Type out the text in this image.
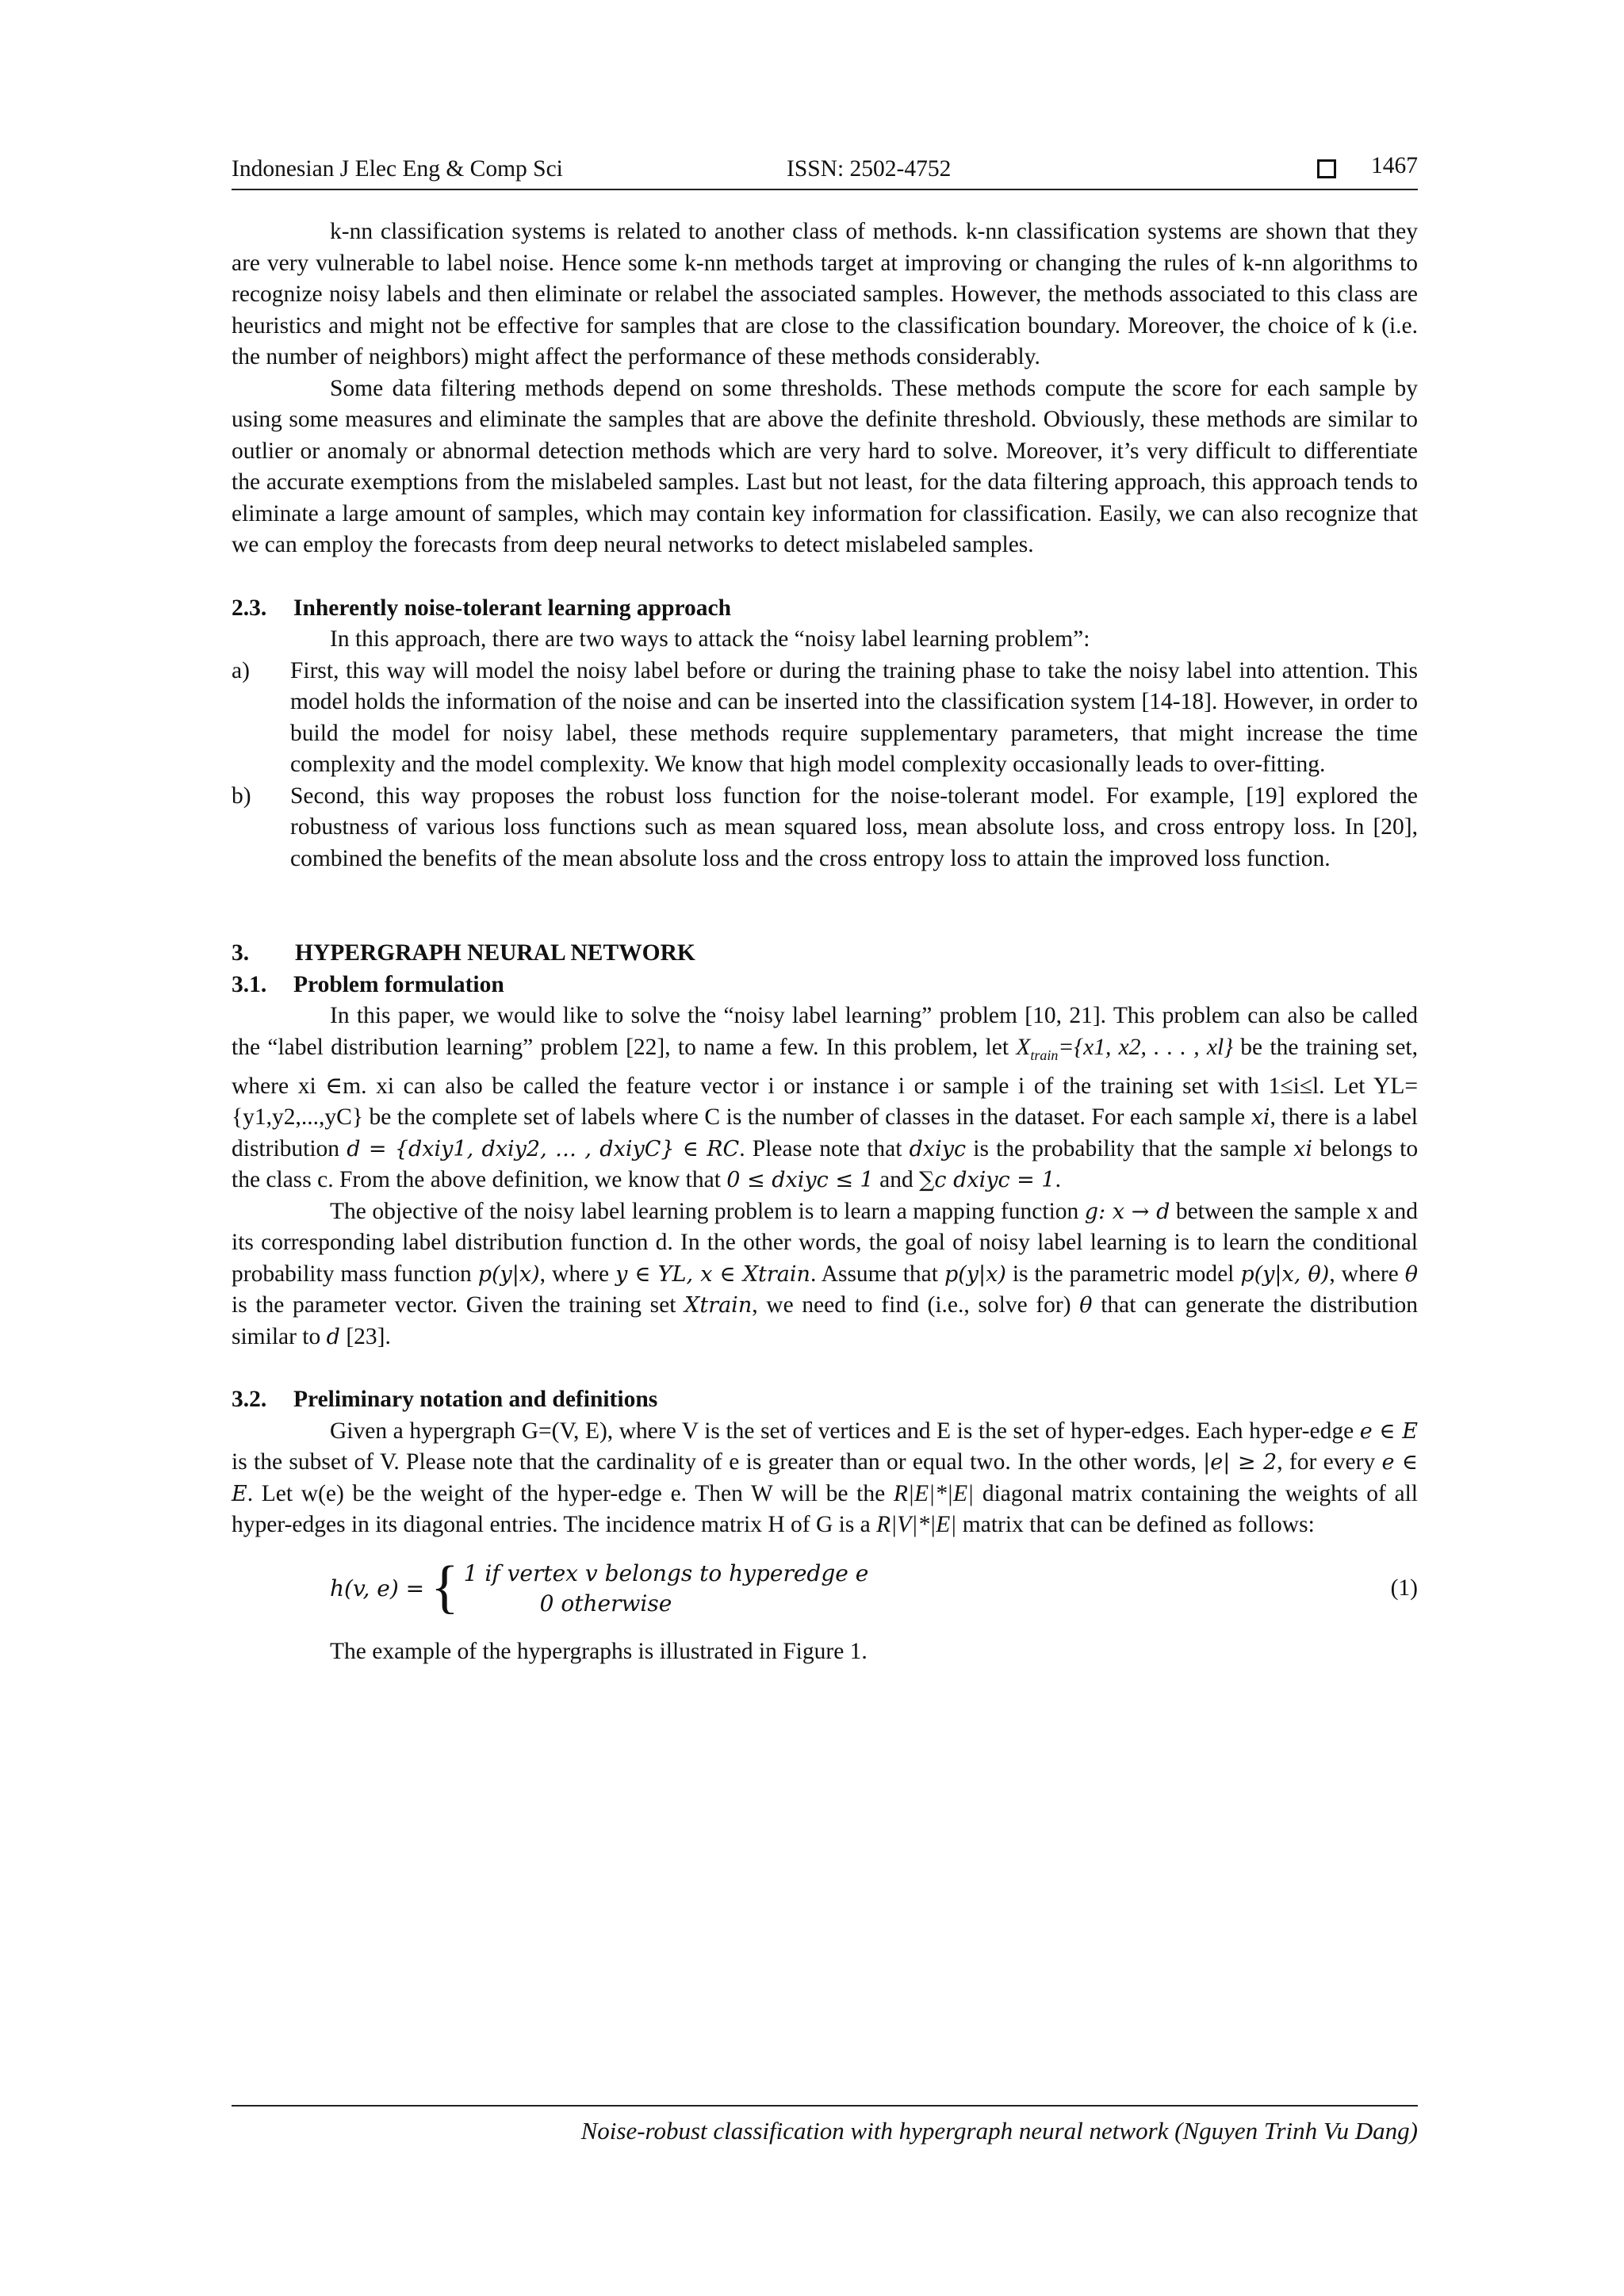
Indonesian J Elec Eng & Comp Sci	ISSN: 2502-4752	1467

k-nn classification systems is related to another class of methods. k-nn classification systems are shown that they are very vulnerable to label noise. Hence some k-nn methods target at improving or changing the rules of k-nn algorithms to recognize noisy labels and then eliminate or relabel the associated samples. However, the methods associated to this class are heuristics and might not be effective for samples that are close to the classification boundary. Moreover, the choice of k (i.e. the number of neighbors) might affect the performance of these methods considerably.

Some data filtering methods depend on some thresholds. These methods compute the score for each sample by using some measures and eliminate the samples that are above the definite threshold. Obviously, these methods are similar to outlier or anomaly or abnormal detection methods which are very hard to solve. Moreover, it’s very difficult to differentiate the accurate exemptions from the mislabeled samples. Last but not least, for the data filtering approach, this approach tends to eliminate a large amount of samples, which may contain key information for classification. Easily, we can also recognize that we can employ the forecasts from deep neural networks to detect mislabeled samples.

2.3. Inherently noise-tolerant learning approach

In this approach, there are two ways to attack the “noisy label learning problem”:

a)	First, this way will model the noisy label before or during the training phase to take the noisy label into attention. This model holds the information of the noise and can be inserted into the classification system [14-18]. However, in order to build the model for noisy label, these methods require supplementary parameters, that might increase the time complexity and the model complexity. We know that high model complexity occasionally leads to over-fitting.
b)	Second, this way proposes the robust loss function for the noise-tolerant model. For example, [19] explored the robustness of various loss functions such as mean squared loss, mean absolute loss, and cross entropy loss. In [20], combined the benefits of the mean absolute loss and the cross entropy loss to attain the improved loss function.
3. HYPERGRAPH NEURAL NETWORK
3.1. Problem formulation

In this paper, we would like to solve the “noisy label learning” problem [10, 21]. This problem can also be called the “label distribution learning” problem [22], to name a few. In this problem, let $X_{train}=\{x1$, x2, . . . , xl} be the training set, where xi ∈m. xi can also be called the feature vector i or instance i or sample i of the training set with 1≤i≤l. Let YL={y1,y2,...,yC} be the complete set of labels where C is the number of classes in the dataset. For each sample xi, there is a label distribution d = {dxiy1, dxiy2, … , dxiyC} ∈ RC. Please note that dxiyc is the probability that the sample xi belongs to the class c. From the above definition, we know that 0 ≤ dxiyc ≤ 1 and ∑c dxiyc = 1.

The objective of the noisy label learning problem is to learn a mapping function g: x → d between the sample x and its corresponding label distribution function d. In the other words, the goal of noisy label learning is to learn the conditional probability mass function p(y|x), where y ∈ YL, x ∈ Xtrain. Assume that p(y|x) is the parametric model p(y|x, θ), where θ is the parameter vector. Given the training set Xtrain, we need to find (i.e., solve for) θ that can generate the distribution similar to d [23].

3.2. Preliminary notation and definitions

Given a hypergraph G=(V, E), where V is the set of vertices and E is the set of hyper-edges. Each hyper-edge e ∈ E is the subset of V. Please note that the cardinality of e is greater than or equal two. In the other words, |e| ≥ 2, for every e ∈ E. Let w(e) be the weight of the hyper-edge e. Then W will be the R|E|*|E| diagonal matrix containing the weights of all hyper-edges in its diagonal entries. The incidence matrix H of G is a R|V|*|E| matrix that can be defined as follows:

h(v, e) = { 1 if vertex v belongs to hyperedge e
0 otherwise
(1)

The example of the hypergraphs is illustrated in Figure 1.

Noise-robust classification with hypergraph neural network (Nguyen Trinh Vu Dang)
